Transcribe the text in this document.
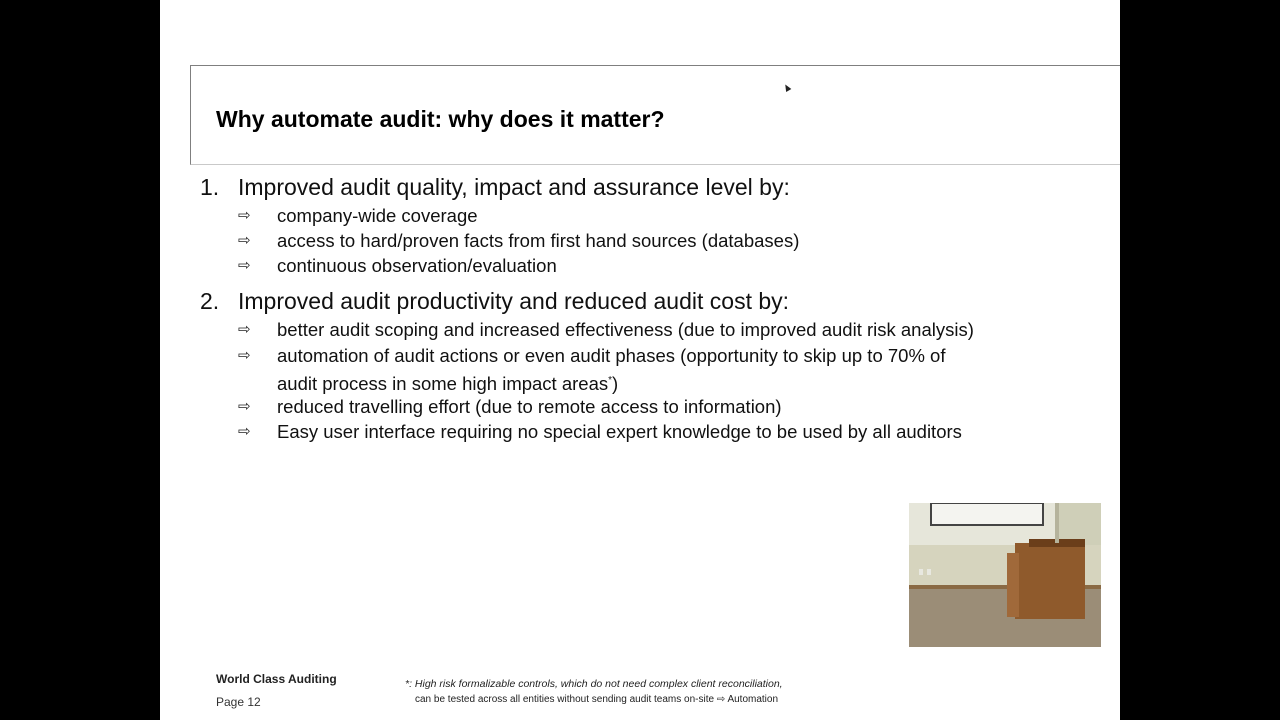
Why automate audit: why does it matter?
1. Improved audit quality, impact and assurance level by:
⇨	company-wide coverage
⇨	access to hard/proven facts from first hand sources (databases)
⇨	continuous observation/evaluation
2. Improved audit productivity and reduced audit cost by:
⇨	better audit scoping and increased effectiveness (due to improved audit risk analysis)
⇨	automation of audit actions or even audit phases (opportunity to skip up to 70% of
audit process in some high impact areas*)
⇨	reduced travelling effort (due to remote access to information)
⇨	Easy user interface requiring no special expert knowledge to be used by all auditors
World Class Auditing
Page 12
*: High risk formalizable controls, which do not need complex client reconciliation,
can be tested across all entities without sending audit teams on-site ⇨ Automation
